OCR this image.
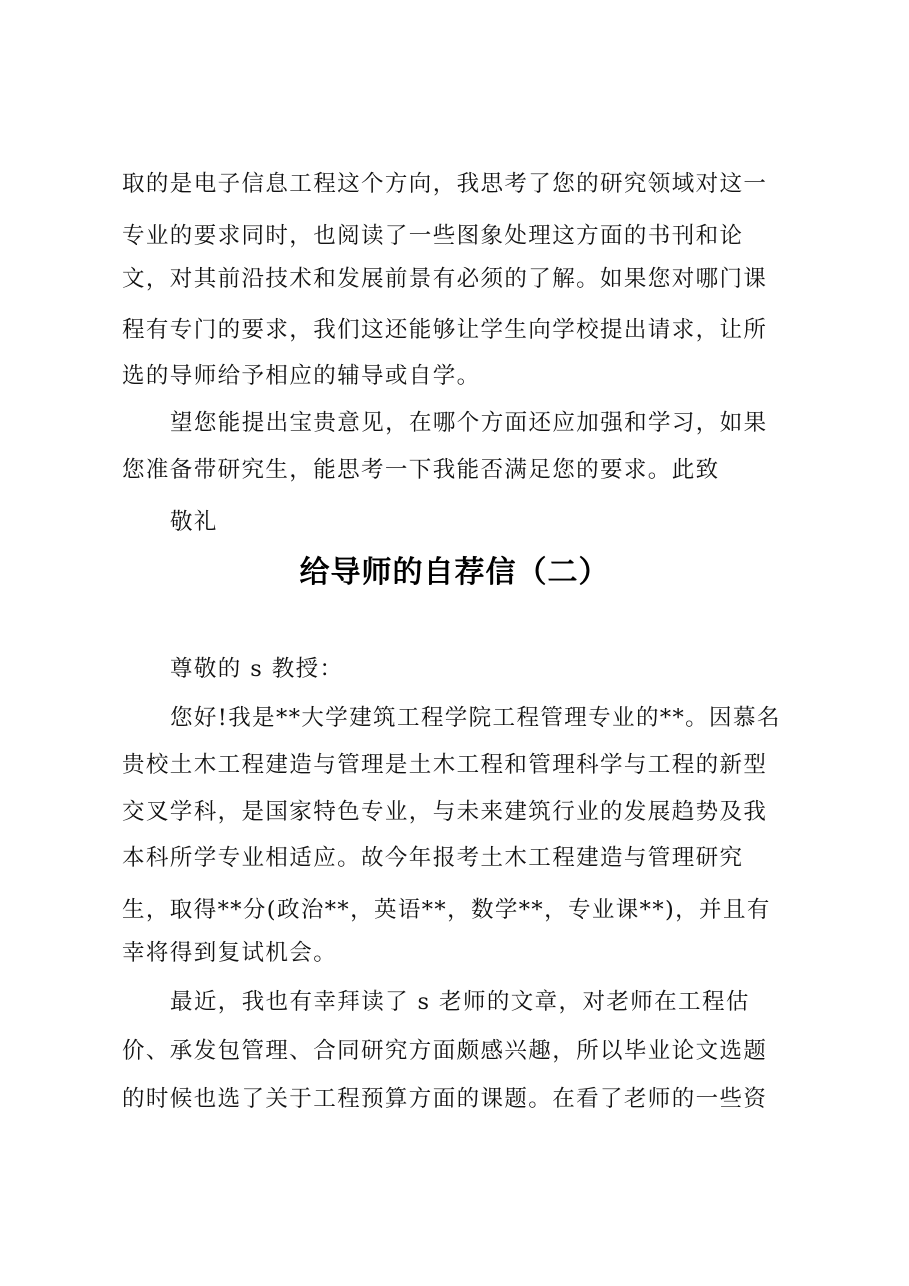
取的是电子信息工程这个方向，我思考了您的研究领域对这一
专业的要求同时，也阅读了一些图象处理这方面的书刊和论
文，对其前沿技术和发展前景有必须的了解。如果您对哪门课
程有专门的要求，我们这还能够让学生向学校提出请求，让所
选的导师给予相应的辅导或自学。
望您能提出宝贵意见，在哪个方面还应加强和学习，如果
您准备带研究生，能思考一下我能否满足您的要求。此致
敬礼
给导师的自荐信（二）
尊敬的 s 教授：
您好!我是**大学建筑工程学院工程管理专业的**。因慕名
贵校土木工程建造与管理是土木工程和管理科学与工程的新型
交叉学科，是国家特色专业，与未来建筑行业的发展趋势及我
本科所学专业相适应。故今年报考土木工程建造与管理研究
生，取得**分(政治**，英语**，数学**，专业课**)，并且有
幸将得到复试机会。
最近，我也有幸拜读了 s 老师的文章，对老师在工程估
价、承发包管理、合同研究方面颇感兴趣，所以毕业论文选题
的时候也选了关于工程预算方面的课题。在看了老师的一些资
